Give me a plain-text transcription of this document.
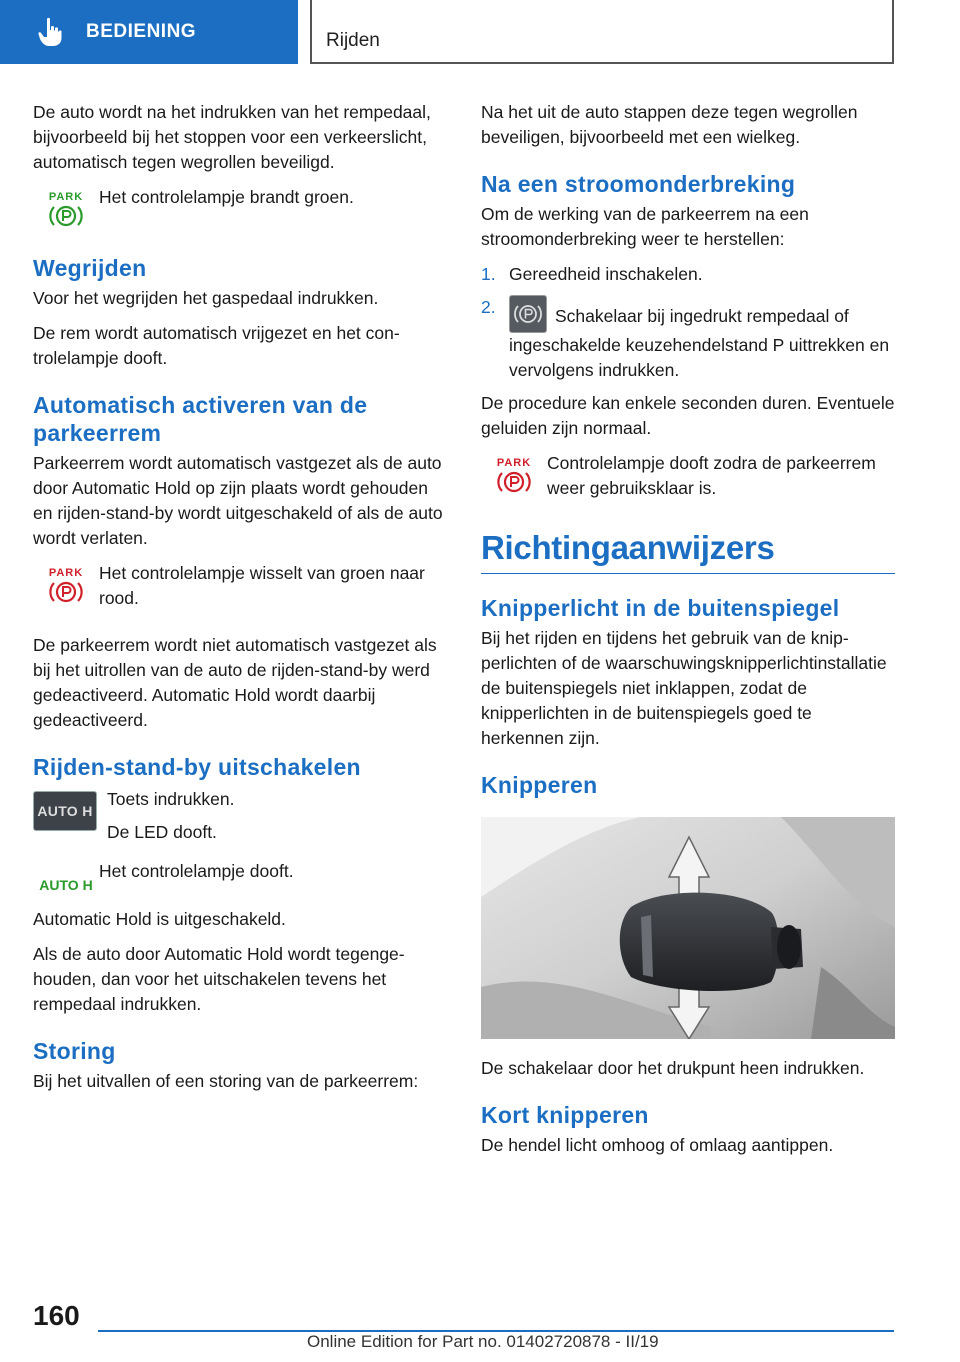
BEDIENING	Rijden

De auto wordt na het indrukken van het rempedaal, bijvoorbeeld bij het stoppen voor een verkeerslicht, automatisch tegen wegrollen beveiligd.

PARK Het controlelampje brandt groen.

Wegrijden

Voor het wegrijden het gaspedaal indrukken.

De rem wordt automatisch vrijgezet en het controlelampje dooft.

Automatisch activeren van de parkeerrem

Parkeerrem wordt automatisch vastgezet als de auto door Automatic Hold op zijn plaats wordt gehouden en rijden-stand-by wordt uitgeschakeld of als de auto wordt verlaten.

PARK Het controlelampje wisselt van groen naar rood.

De parkeerrem wordt niet automatisch vastgezet als bij het uitrollen van de auto de rijden-stand-by werd gedeactiveerd. Automatic Hold wordt daarbij gedeactiveerd.

Rijden-stand-by uitschakelen
AUTO H

Toets indrukken.

De LED dooft.

AUTO H

Het controlelampje dooft.

Automatic Hold is uitgeschakeld.

Als de auto door Automatic Hold wordt tegengehouden, dan voor het uitschakelen tevens het rempedaal indrukken.

Storing

Bij het uitvallen of een storing van de parkeerrem:

Na het uit de auto stappen deze tegen wegrollen beveiligen, bijvoorbeeld met een wielkeg.

Na een stroomonderbreking

Om de werking van de parkeerrem na een stroomonderbreking weer te herstellen:

1. Gereedheid inschakelen.
2.	Schakelaar bij ingedrukt rempedaal of ingeschakelde keuzehendelstand P uittrekken en vervolgens indrukken.

De procedure kan enkele seconden duren. Eventuele geluiden zijn normaal.

PARK Controlelampje dooft zodra de parkeerrem weer gebruiksklaar is.

Richtingaanwijzers
Knipperlicht in de buitenspiegel

Bij het rijden en tijdens het gebruik van de knipperlichten of de waarschuwingsknipperlichtinstallatie de buitenspiegels niet inklappen, zodat de knipperlichten in de buitenspiegels goed te herkennen zijn.

Knipperen

De schakelaar door het drukpunt heen indrukken.

Kort knipperen

De hendel licht omhoog of omlaag aantippen.

160
Online Edition for Part no. 01402720878 - II/19
